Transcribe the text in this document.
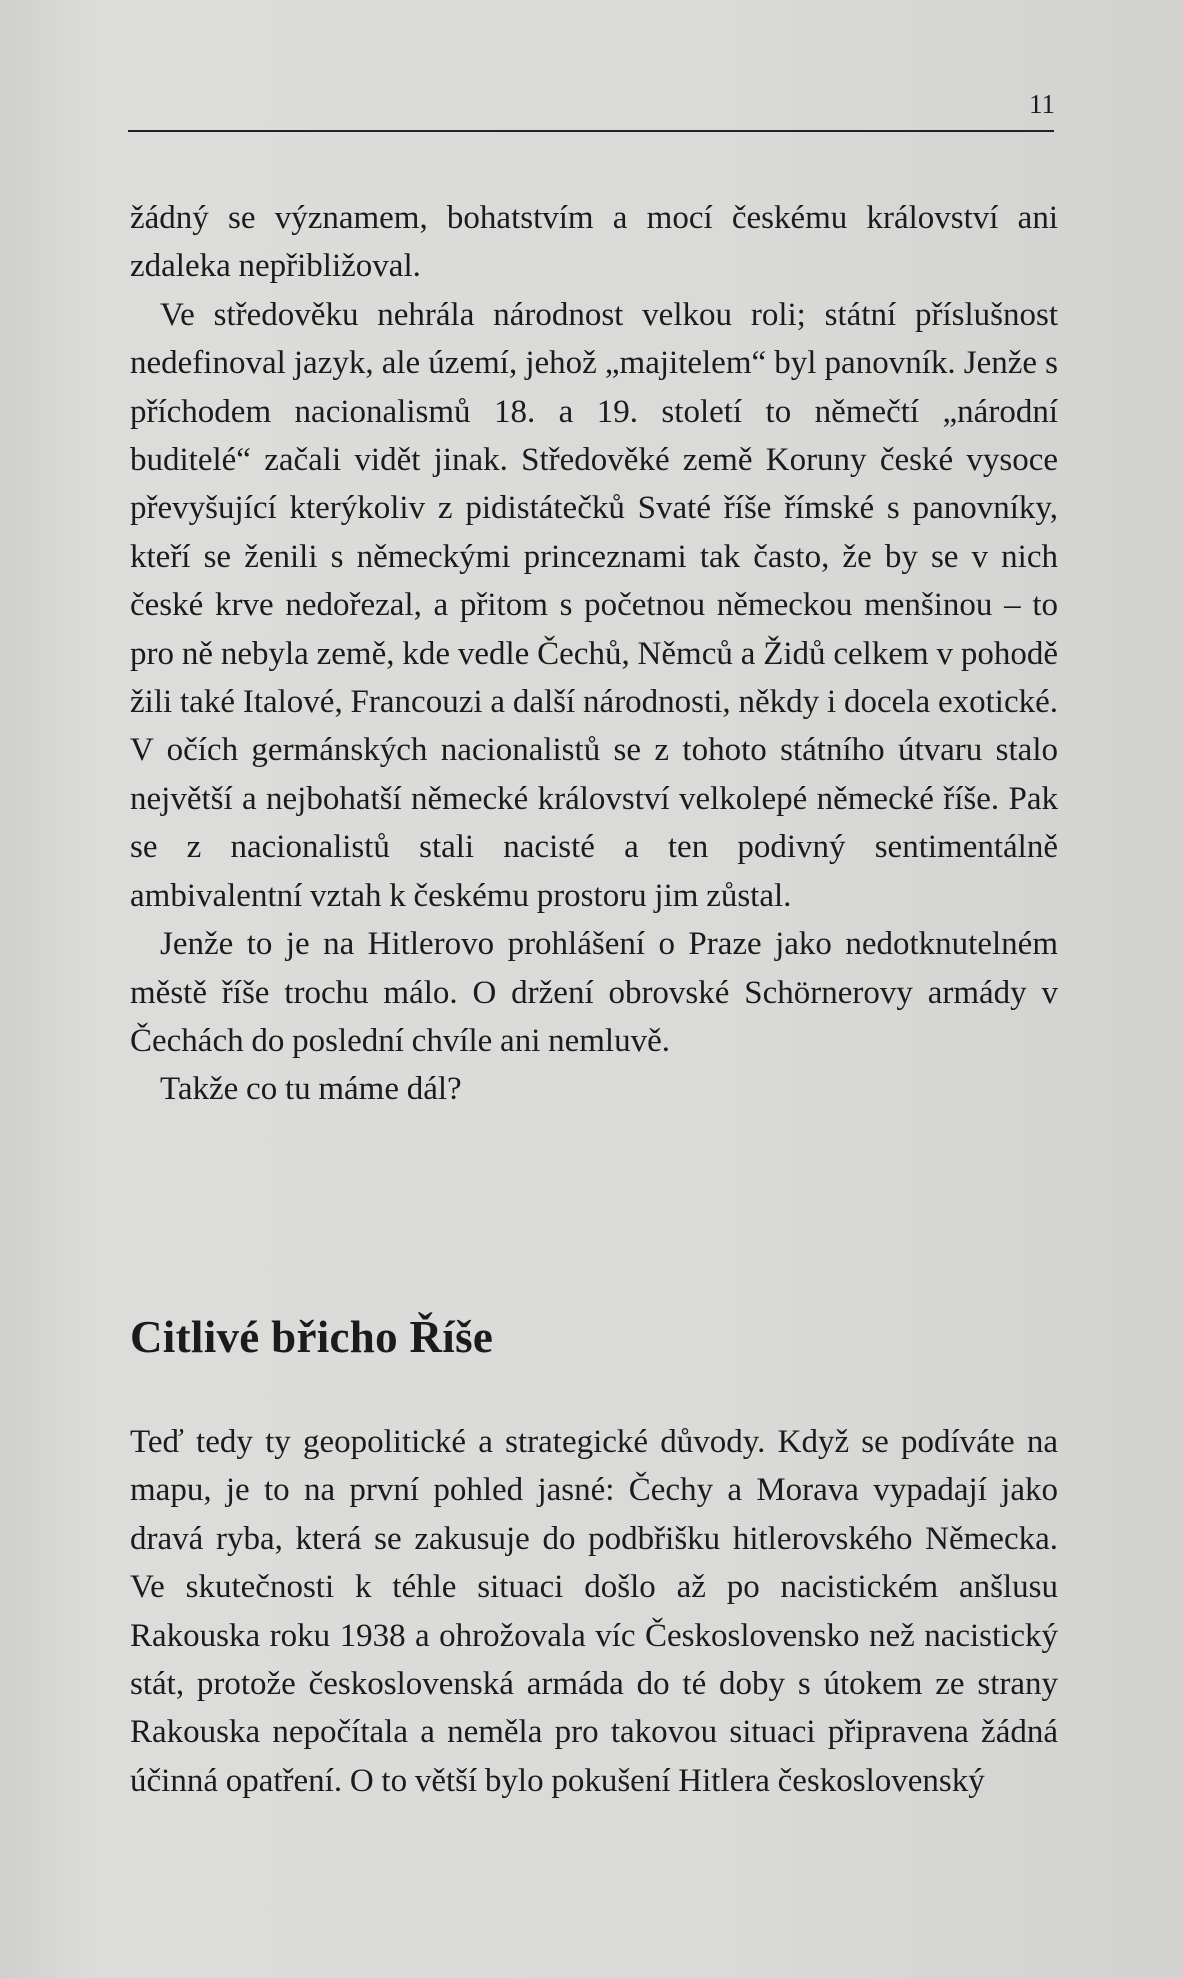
11

žádný se významem, bohatstvím a mocí českému království ani zdaleka nepřibližoval.

Ve středověku nehrála národnost velkou roli; státní příslušnost nedefinoval jazyk, ale území, jehož „majitelem“ byl panovník. Jenže s příchodem nacionalismů 18. a 19. století to němečtí „národní buditelé“ začali vidět jinak. Středověké země Koruny české vysoce převyšující kterýkoliv z pidistátečků Svaté říše římské s panovníky, kteří se ženili s německými princeznami tak často, že by se v nich české krve nedořezal, a přitom s početnou německou menšinou – to pro ně nebyla země, kde vedle Čechů, Němců a Židů celkem v pohodě žili také Italové, Francouzi a další národnosti, někdy i docela exotické. V očích germánských nacionalistů se z tohoto státního útvaru stalo největší a nejbohatší německé království velkolepé německé říše. Pak se z nacionalistů stali nacisté a ten podivný sentimentálně ambivalentní vztah k českému prostoru jim zůstal.

Jenže to je na Hitlerovo prohlášení o Praze jako nedotknutelném městě říše trochu málo. O držení obrovské Schörnerovy armády v Čechách do poslední chvíle ani nemluvě.

Takže co tu máme dál?

Citlivé břicho Říše

Teď tedy ty geopolitické a strategické důvody. Když se podíváte na mapu, je to na první pohled jasné: Čechy a Morava vypadají jako dravá ryba, která se zakusuje do podbřišku hitlerovského Německa. Ve skutečnosti k téhle situaci došlo až po nacistickém anšlusu Rakouska roku 1938 a ohrožovala víc Československo než nacistický stát, protože československá armáda do té doby s útokem ze strany Rakouska nepočítala a neměla pro takovou situaci připravena žádná účinná opatření. O to větší bylo pokušení Hitlera československý
